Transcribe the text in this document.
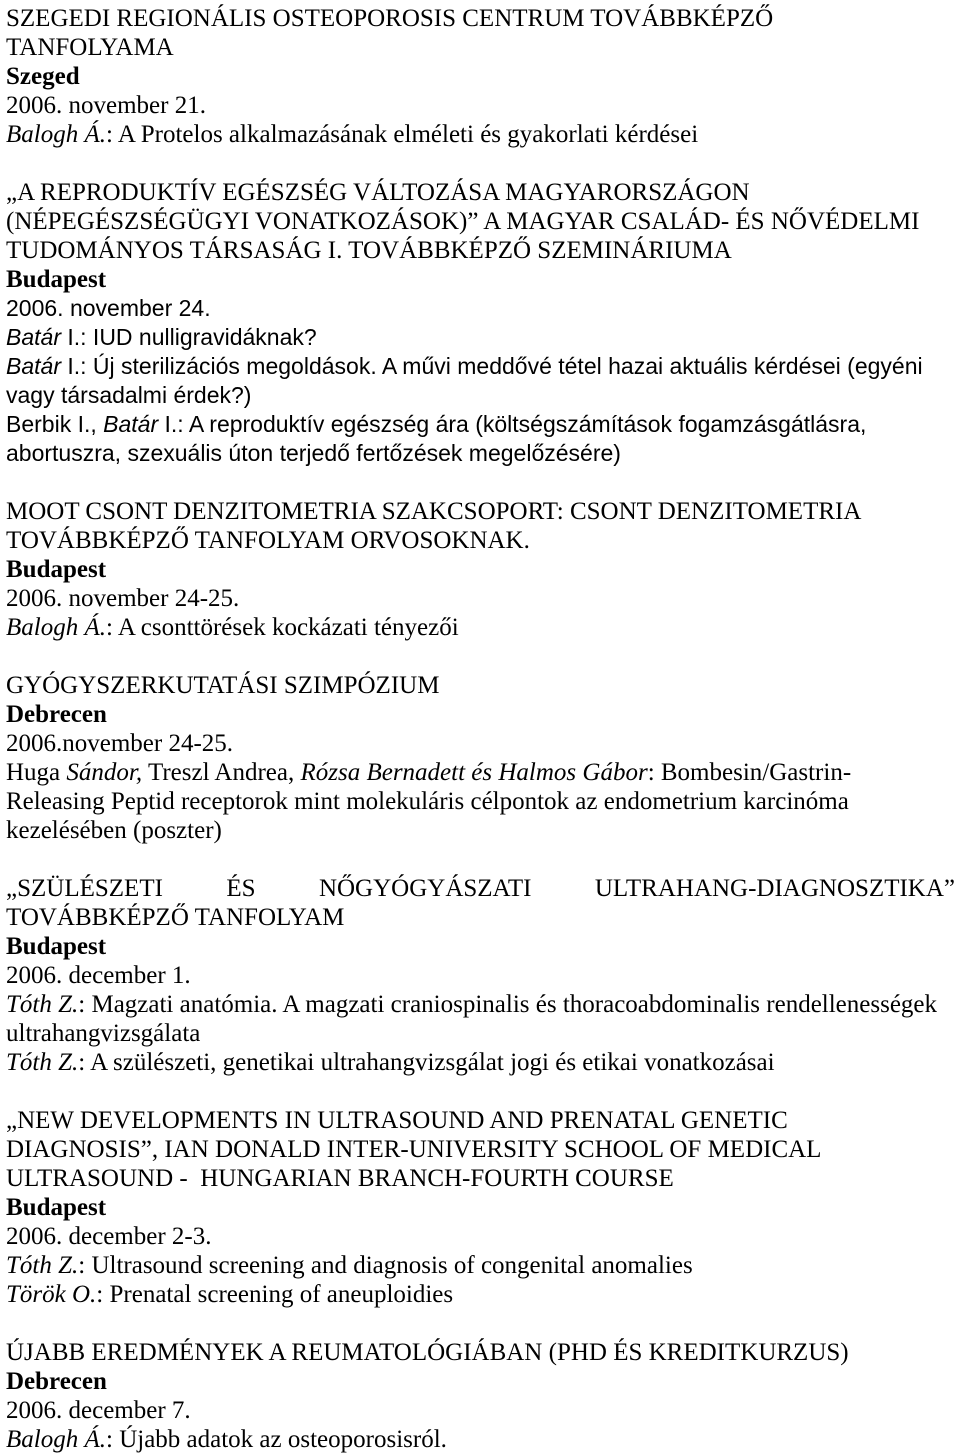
SZEGEDI REGIONÁLIS OSTEOPOROSIS CENTRUM TOVÁBBKÉPZŐ
TANFOLYAMA
Szeged
2006. november 21.
Balogh Á.: A Protelos alkalmazásának elméleti és gyakorlati kérdései
„A REPRODUKTÍV EGÉSZSÉG VÁLTOZÁSA MAGYARORSZÁGON
(NÉPEGÉSZSÉGÜGYI VONATKOZÁSOK)” A MAGYAR CSALÁD- ÉS NŐVÉDELMI
TUDOMÁNYOS TÁRSASÁG I. TOVÁBBKÉPZŐ SZEMINÁRIUMA
Budapest
2006. november 24.
Batár I.: IUD nulligravidáknak?
Batár I.: Új sterilizációs megoldások. A művi meddővé tétel hazai aktuális kérdései (egyéni
vagy társadalmi érdek?)
Berbik I., Batár I.: A reproduktív egészség ára (költségszámítások fogamzásgátlásra,
abortuszra, szexuális úton terjedő fertőzések megelőzésére)
MOOT CSONT DENZITOMETRIA SZAKCSOPORT: CSONT DENZITOMETRIA
TOVÁBBKÉPZŐ TANFOLYAM ORVOSOKNAK.
Budapest
2006. november 24-25.
Balogh Á.: A csonttörések kockázati tényezői
GYÓGYSZERKUTATÁSI SZIMPÓZIUM
Debrecen
2006.november 24-25.
Huga Sándor, Treszl Andrea, Rózsa Bernadett és Halmos Gábor: Bombesin/Gastrin-
Releasing Peptid receptorok mint molekuláris célpontok az endometrium karcinóma
kezelésében (poszter)
„SZÜLÉSZETI ÉS NŐGYÓGYÁSZATI ULTRAHANG-DIAGNOSZTIKA”
TOVÁBBKÉPZŐ TANFOLYAM
Budapest
2006. december 1.
Tóth Z.: Magzati anatómia. A magzati craniospinalis és thoracoabdominalis rendellenességek
ultrahangvizsgálata
Tóth Z.: A szülészeti, genetikai ultrahangvizsgálat jogi és etikai vonatkozásai
„NEW DEVELOPMENTS IN ULTRASOUND AND PRENATAL GENETIC
DIAGNOSIS”, IAN DONALD INTER-UNIVERSITY SCHOOL OF MEDICAL
ULTRASOUND -  HUNGARIAN BRANCH-FOURTH COURSE
Budapest
2006. december 2-3.
Tóth Z.: Ultrasound screening and diagnosis of congenital anomalies
Török O.: Prenatal screening of aneuploidies
ÚJABB EREDMÉNYEK A REUMATOLÓGIÁBAN (PHD ÉS KREDITKURZUS)
Debrecen
2006. december 7.
Balogh Á.: Újabb adatok az osteoporosisról.
